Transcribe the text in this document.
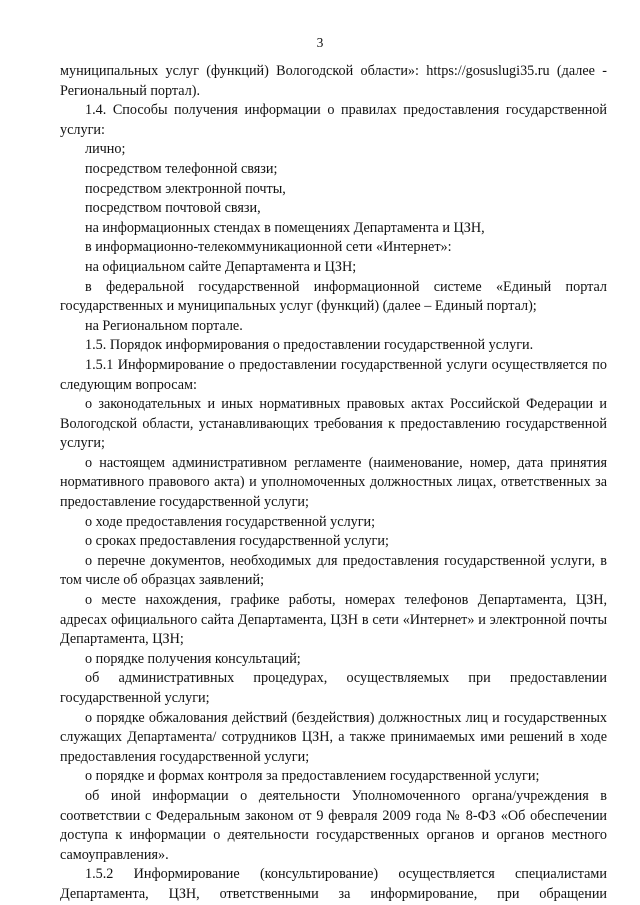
3

муниципальных услуг (функций) Вологодской области»: https://gosuslugi35.ru (далее - Региональный портал).

1.4. Способы получения информации о правилах предоставления государственной услуги:

лично;

посредством телефонной связи;

посредством электронной почты,

посредством почтовой связи,

на информационных стендах в помещениях Департамента и ЦЗН,

в информационно-телекоммуникационной сети «Интернет»:

на официальном сайте Департамента и ЦЗН;

в федеральной государственной информационной системе «Единый портал государственных и муниципальных услуг (функций) (далее – Единый портал);

на Региональном портале.

1.5. Порядок информирования о предоставлении государственной услуги.

1.5.1 Информирование о предоставлении государственной услуги осуществляется по следующим вопросам:

о законодательных и иных нормативных правовых актах Российской Федерации и Вологодской области, устанавливающих требования к предоставлению государственной услуги;

о настоящем административном регламенте (наименование, номер, дата принятия нормативного правового акта) и уполномоченных должностных лицах, ответственных за предоставление государственной услуги;

о ходе предоставления государственной услуги;

о сроках предоставления государственной услуги;

о перечне документов, необходимых для предоставления государственной услуги, в том числе об образцах заявлений;

о месте нахождения, графике работы, номерах телефонов Департамента, ЦЗН, адресах официального сайта Департамента, ЦЗН в сети «Интернет» и электронной почты Департамента, ЦЗН;

о порядке получения консультаций;

об административных процедурах, осуществляемых при предоставлении государственной услуги;

о порядке обжалования действий (бездействия) должностных лиц и государственных служащих Департамента/ сотрудников ЦЗН, а также принимаемых ими решений в ходе предоставления государственной услуги;

о порядке и формах контроля за предоставлением государственной услуги;

об иной информации о деятельности Уполномоченного органа/учреждения в соответствии с Федеральным законом от 9 февраля 2009 года № 8-ФЗ «Об обеспечении доступа к информации о деятельности государственных органов и органов местного самоуправления».

1.5.2 Информирование (консультирование) осуществляется специалистами Департамента, ЦЗН, ответственными за информирование, при обращении
